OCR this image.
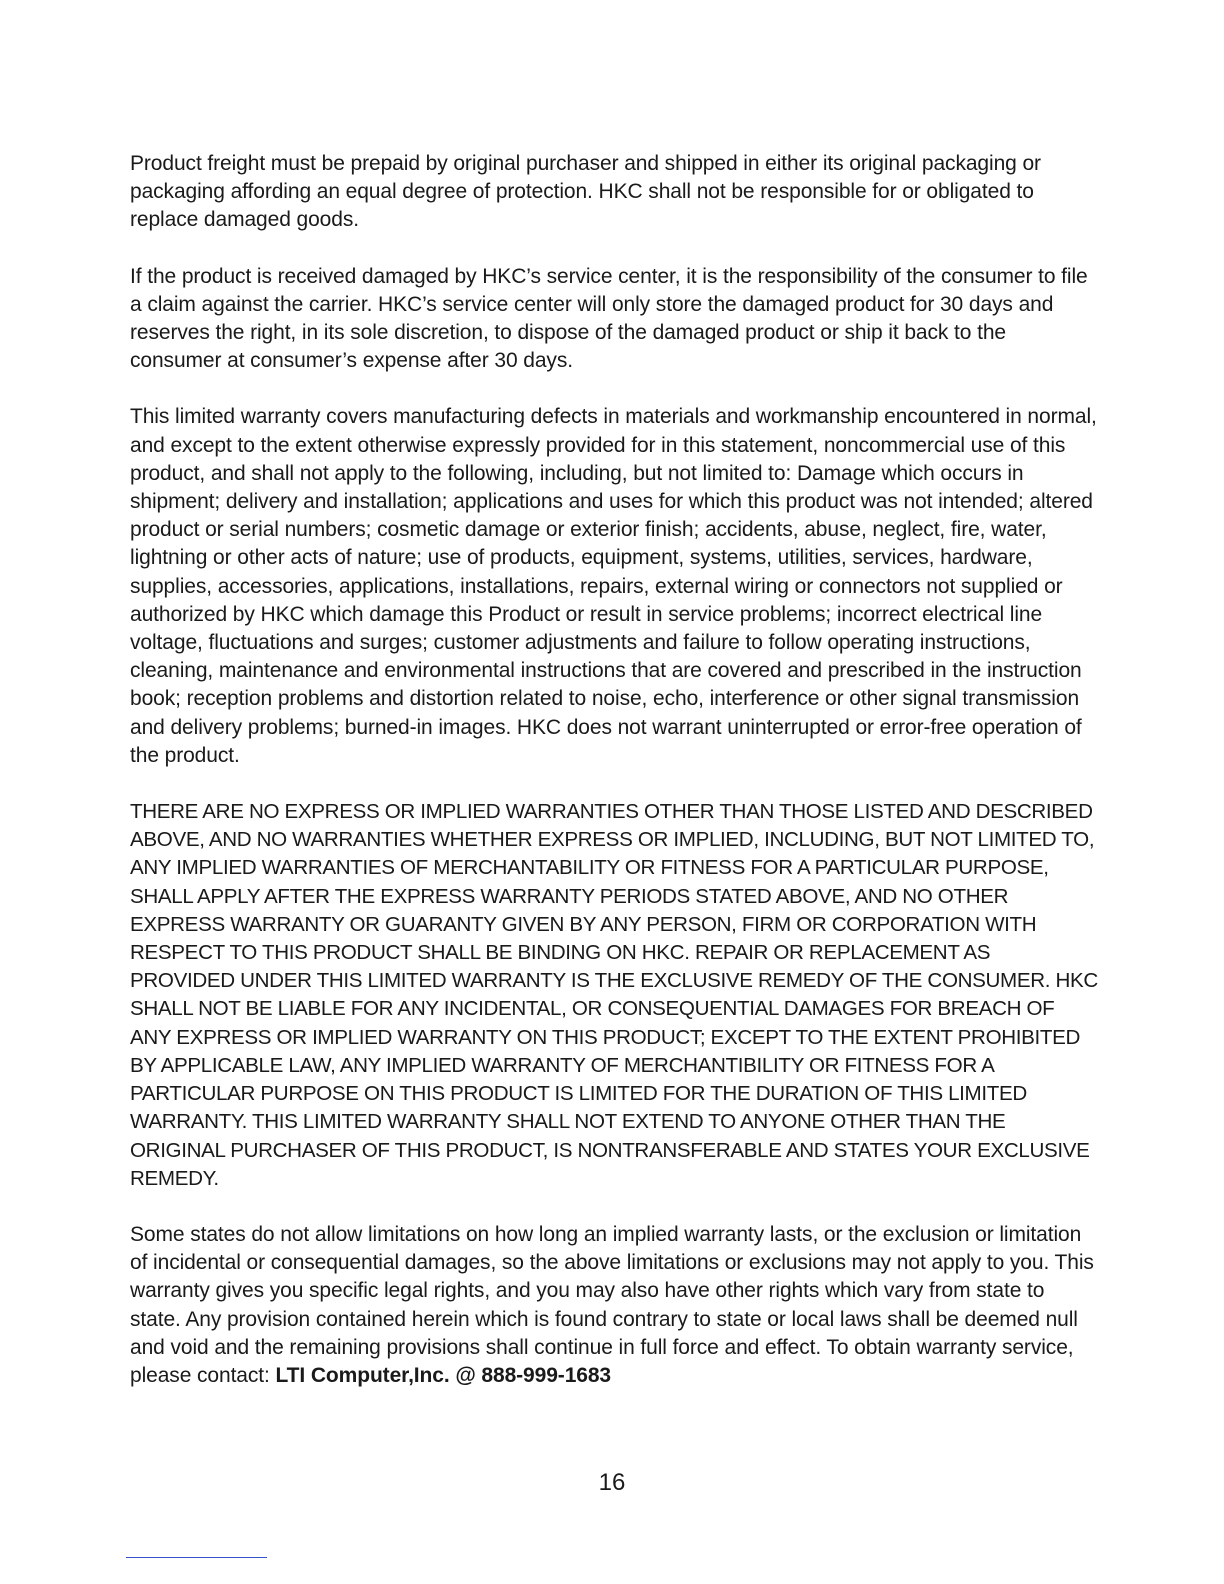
Product freight must be prepaid by original purchaser and shipped in either its original packaging or packaging affording an equal degree of protection. HKC shall not be responsible for or obligated to replace damaged goods.

If the product is received damaged by HKC’s service center, it is the responsibility of the consumer to file a claim against the carrier. HKC’s service center will only store the damaged product for 30 days and reserves the right, in its sole discretion, to dispose of the damaged product or ship it back to the consumer at consumer’s expense after 30 days.

This limited warranty covers manufacturing defects in materials and workmanship encountered in normal, and except to the extent otherwise expressly provided for in this statement, noncommercial use of this product, and shall not apply to the following, including, but not limited to: Damage which occurs in shipment; delivery and installation; applications and uses for which this product was not intended; altered product or serial numbers; cosmetic damage or exterior finish; accidents, abuse, neglect, fire, water, lightning or other acts of nature; use of products, equipment, systems, utilities, services, hardware, supplies, accessories, applications, installations, repairs, external wiring or connectors not supplied or authorized by HKC which damage this Product or result in service problems; incorrect electrical line voltage, fluctuations and surges; customer adjustments and failure to follow operating instructions, cleaning, maintenance and environmental instructions that are covered and prescribed in the instruction book; reception problems and distortion related to noise, echo, interference or other signal transmission and delivery problems; burned-in images. HKC does not warrant uninterrupted or error-free operation of the product.

THERE ARE NO EXPRESS OR IMPLIED WARRANTIES OTHER THAN THOSE LISTED AND DESCRIBED ABOVE, AND NO WARRANTIES WHETHER EXPRESS OR IMPLIED, INCLUDING, BUT NOT LIMITED TO, ANY IMPLIED WARRANTIES OF MERCHANTABILITY OR FITNESS FOR A PARTICULAR PURPOSE, SHALL APPLY AFTER THE EXPRESS WARRANTY PERIODS STATED ABOVE, AND NO OTHER EXPRESS WARRANTY OR GUARANTY GIVEN BY ANY PERSON, FIRM OR CORPORATION WITH RESPECT TO THIS PRODUCT SHALL BE BINDING ON HKC. REPAIR OR REPLACEMENT AS PROVIDED UNDER THIS LIMITED WARRANTY IS THE EXCLUSIVE REMEDY OF THE CONSUMER. HKC SHALL NOT BE LIABLE FOR ANY INCIDENTAL, OR CONSEQUENTIAL DAMAGES FOR BREACH OF ANY EXPRESS OR IMPLIED WARRANTY ON THIS PRODUCT; EXCEPT TO THE EXTENT PROHIBITED BY APPLICABLE LAW, ANY IMPLIED WARRANTY OF MERCHANTIBILITY OR FITNESS FOR A PARTICULAR PURPOSE ON THIS PRODUCT IS LIMITED FOR THE DURATION OF THIS LIMITED WARRANTY. THIS LIMITED WARRANTY SHALL NOT EXTEND TO ANYONE OTHER THAN THE ORIGINAL PURCHASER OF THIS PRODUCT, IS NONTRANSFERABLE AND STATES YOUR EXCLUSIVE REMEDY.

Some states do not allow limitations on how long an implied warranty lasts, or the exclusion or limitation of incidental or consequential damages, so the above limitations or exclusions may not apply to you. This warranty gives you specific legal rights, and you may also have other rights which vary from state to state. Any provision contained herein which is found contrary to state or local laws shall be deemed null and void and the remaining provisions shall continue in full force and effect. To obtain warranty service, please contact: LTI Computer,Inc. @ 888-999-1683

16
